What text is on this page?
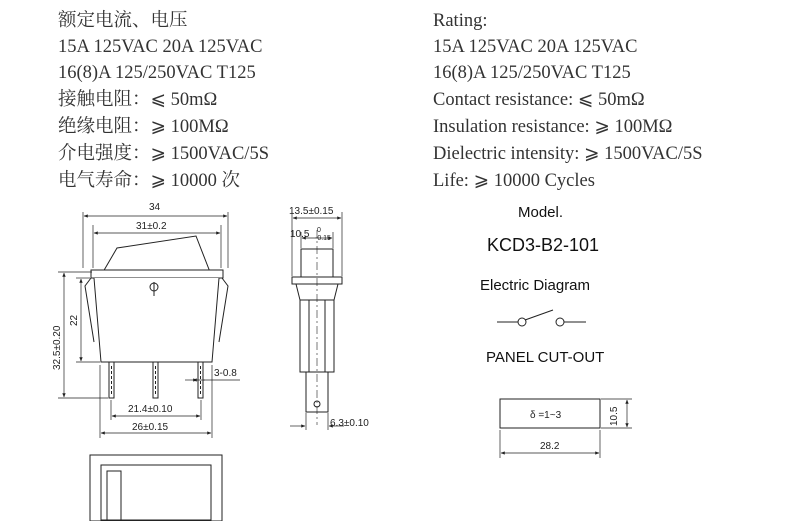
额定电流、电压
15A 125VAC 20A 125VAC
16(8)A 125/250VAC T125
接触电阻：⩽ 50mΩ
绝缘电阻：⩾ 100MΩ
介电强度：⩾ 1500VAC/5S
电气寿命：⩾ 10000 次
Rating:
15A 125VAC 20A 125VAC
16(8)A 125/250VAC T125
Contact resistance: ⩽ 50mΩ
Insulation resistance: ⩾ 100MΩ
Dielectric intensity: ⩾ 1500VAC/5S
Life: ⩾ 10000 Cycles
Model.
KCD3-B2-101
Electric Diagram
PANEL CUT-OUT
34
31±0.2
32.5±0.20
22
21.4±0.10
26±0.15
3-0.8
13.5±0.15
10.5 0
-0.15
6.3±0.10
δ =1~3	10.5
28.2
